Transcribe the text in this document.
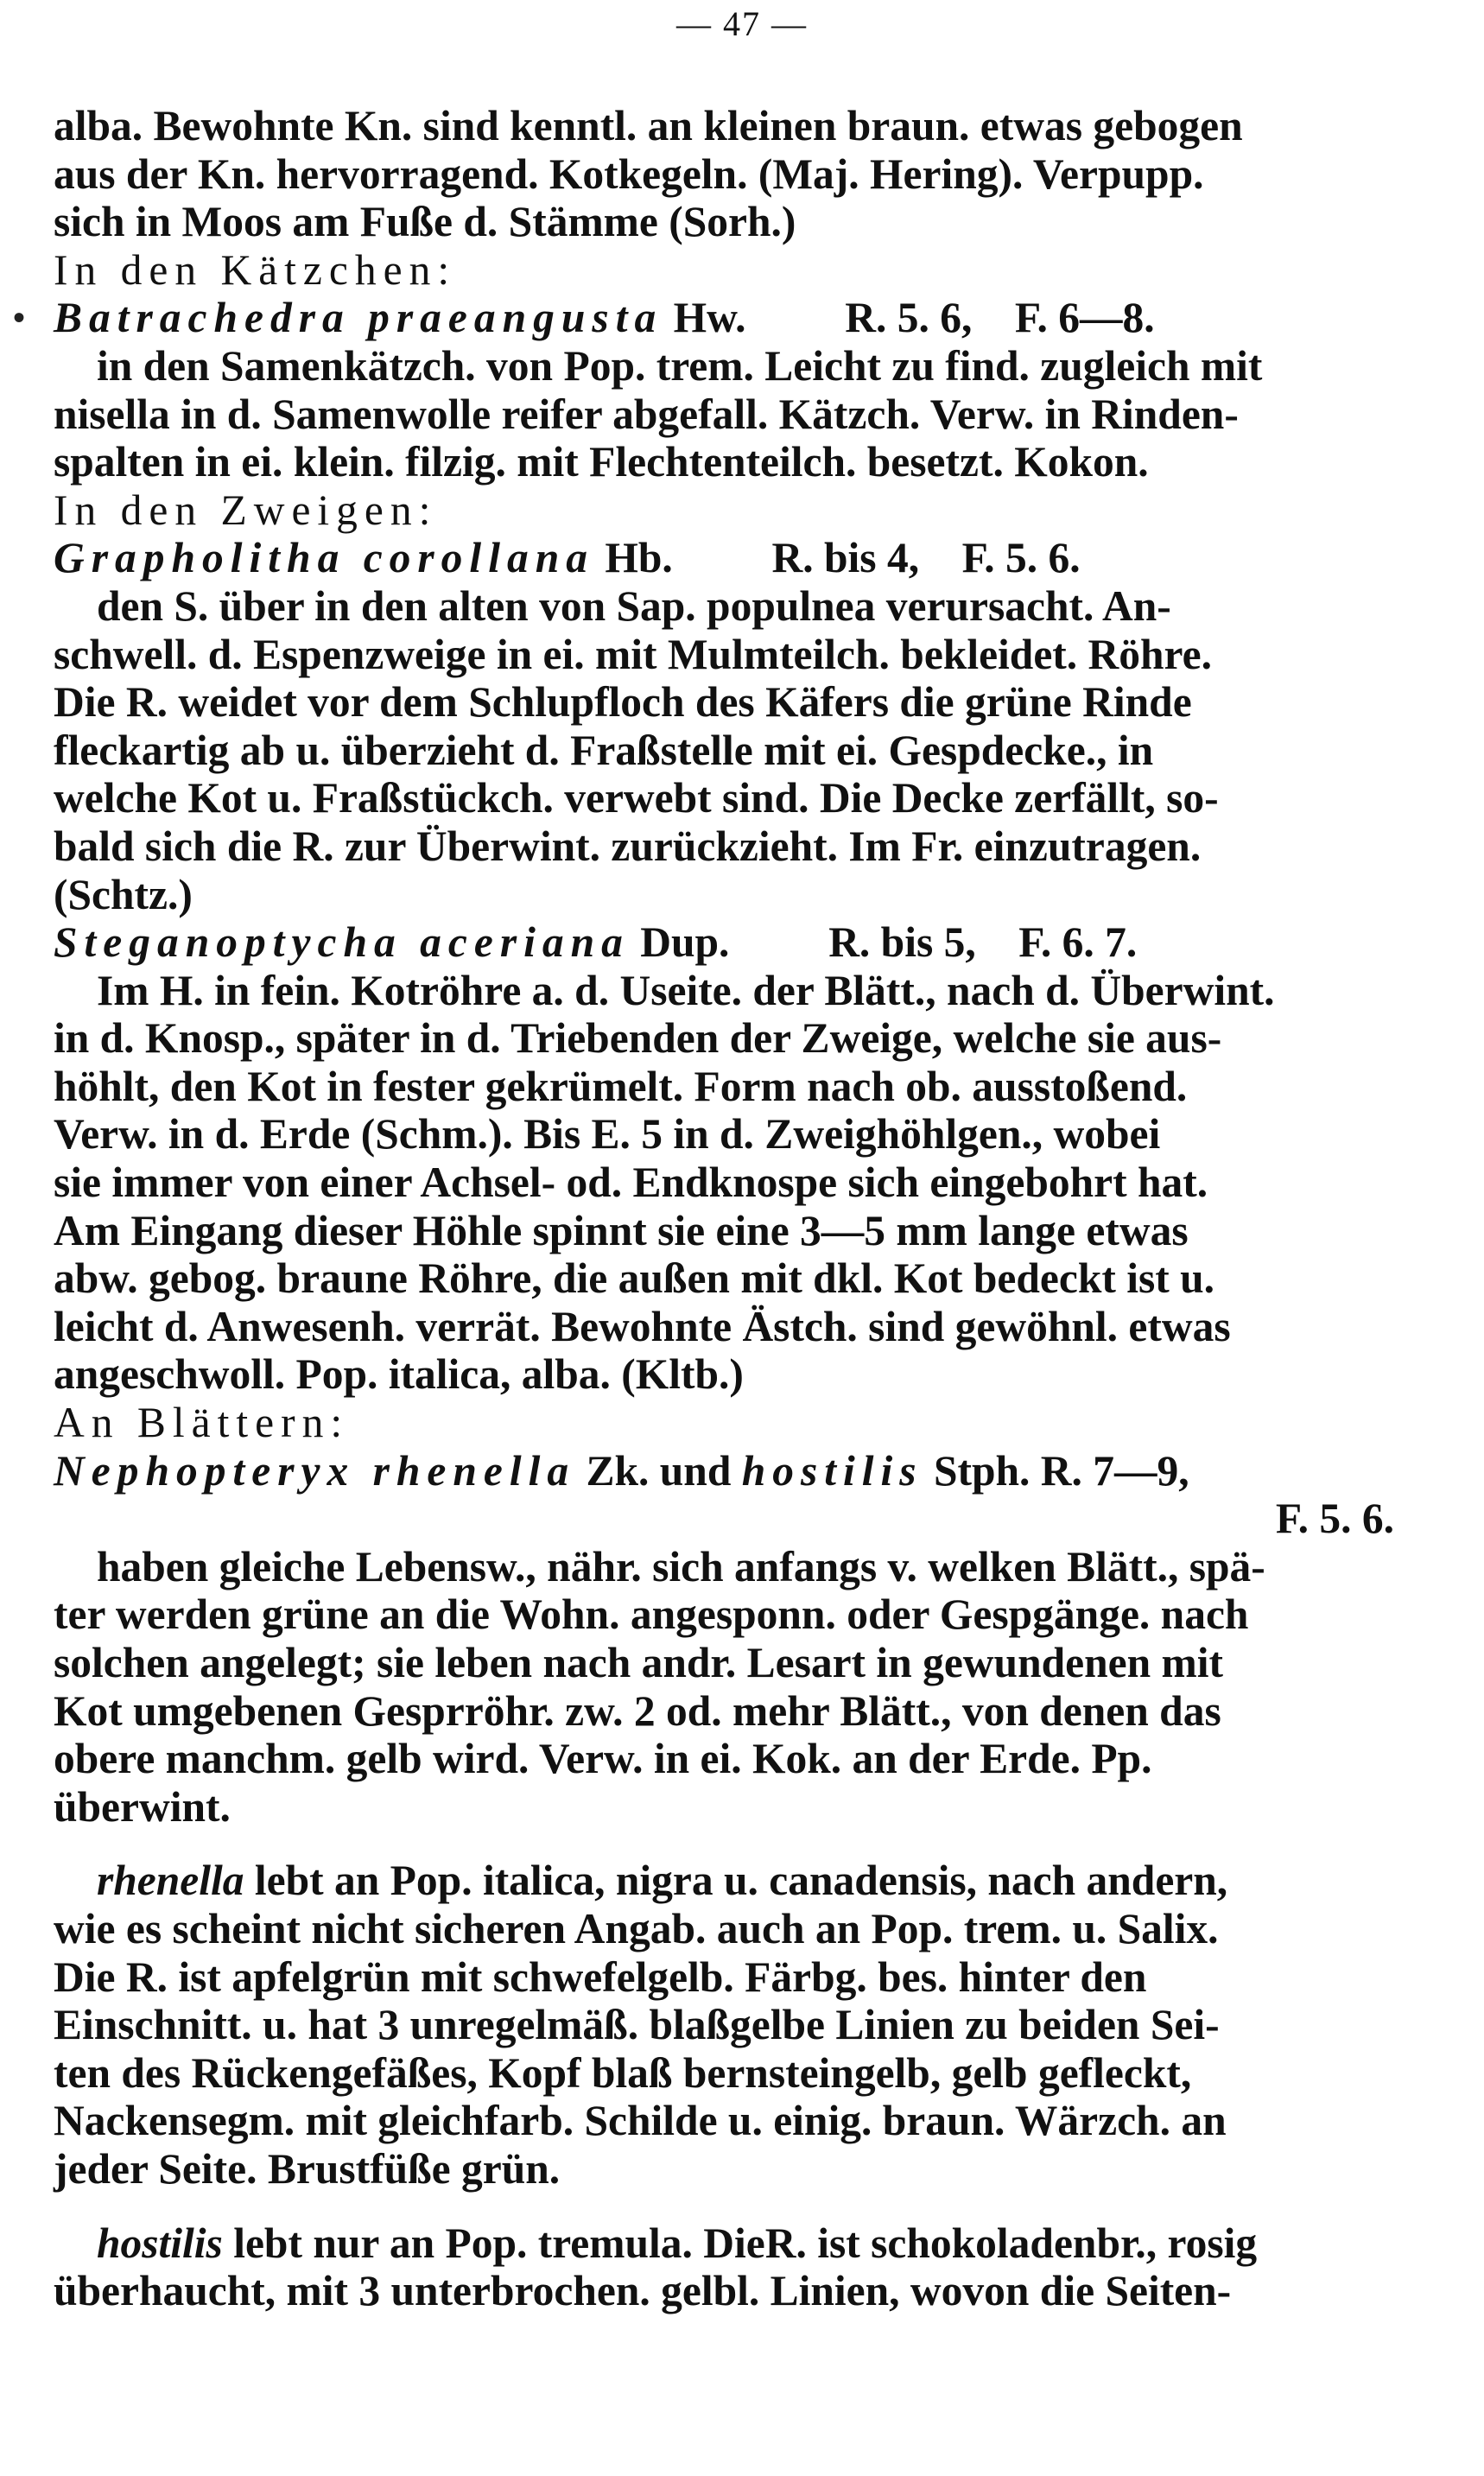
— 47 —
alba. Bewohnte Kn. sind kenntl. an kleinen braun. etwas gebogen
aus der Kn. hervorragend. Kotkegeln. (Maj. Hering). Verpupp.
sich in Moos am Fuße d. Stämme (Sorh.)
In den Kätzchen:
• Batrachedra praeangusta Hw. R. 5. 6,    F. 6—8.
in den Samenkätzch. von Pop. trem. Leicht zu find. zugleich mit
nisella in d. Samenwolle reifer abgefall. Kätzch. Verw. in Rinden-
spalten in ei. klein. filzig. mit Flechtenteilch. besetzt. Kokon.
In den Zweigen:
Grapholitha corollana Hb. R. bis 4,    F. 5. 6.
den S. über in den alten von Sap. populnea verursacht. An-
schwell. d. Espenzweige in ei. mit Mulmteilch. bekleidet. Röhre.
Die R. weidet vor dem Schlupfloch des Käfers die grüne Rinde
fleckartig ab u. überzieht d. Fraßstelle mit ei. Gespdecke., in
welche Kot u. Fraßstückch. verwebt sind. Die Decke zerfällt, so-
bald sich die R. zur Überwint. zurückzieht. Im Fr. einzutragen.
(Schtz.)
Steganoptycha aceriana Dup. R. bis 5,    F. 6. 7.
Im H. in fein. Kotröhre a. d. Useite. der Blätt., nach d. Überwint.
in d. Knosp., später in d. Triebenden der Zweige, welche sie aus-
höhlt, den Kot in fester gekrümelt. Form nach ob. ausstoßend.
Verw. in d. Erde (Schm.). Bis E. 5 in d. Zweighöhlgen., wobei
sie immer von einer Achsel- od. Endknospe sich eingebohrt hat.
Am Eingang dieser Höhle spinnt sie eine 3—5 mm lange etwas
abw. gebog. braune Röhre, die außen mit dkl. Kot bedeckt ist u.
leicht d. Anwesenh. verrät. Bewohnte Ästch. sind gewöhnl. etwas
angeschwoll. Pop. italica, alba. (Kltb.)
An Blättern:
Nephopteryx rhenella Zk. und hostilis Stph. R. 7—9,
F. 5. 6.
haben gleiche Lebensw., nähr. sich anfangs v. welken Blätt., spä-
ter werden grüne an die Wohn. angesponn. oder Gespgänge. nach
solchen angelegt; sie leben nach andr. Lesart in gewundenen mit
Kot umgebenen Gesprröhr. zw. 2 od. mehr Blätt., von denen das
obere manchm. gelb wird. Verw. in ei. Kok. an der Erde. Pp.
überwint.
rhenella lebt an Pop. italica, nigra u. canadensis, nach andern,
wie es scheint nicht sicheren Angab. auch an Pop. trem. u. Salix.
Die R. ist apfelgrün mit schwefelgelb. Färbg. bes. hinter den
Einschnitt. u. hat 3 unregelmäß. blaßgelbe Linien zu beiden Sei-
ten des Rückengefäßes, Kopf blaß bernsteingelb, gelb gefleckt,
Nackensegm. mit gleichfarb. Schilde u. einig. braun. Wärzch. an
jeder Seite. Brustfüße grün.
hostilis lebt nur an Pop. tremula. DieR. ist schokoladenbr., rosig
überhaucht, mit 3 unterbrochen. gelbl. Linien, wovon die Seiten-
